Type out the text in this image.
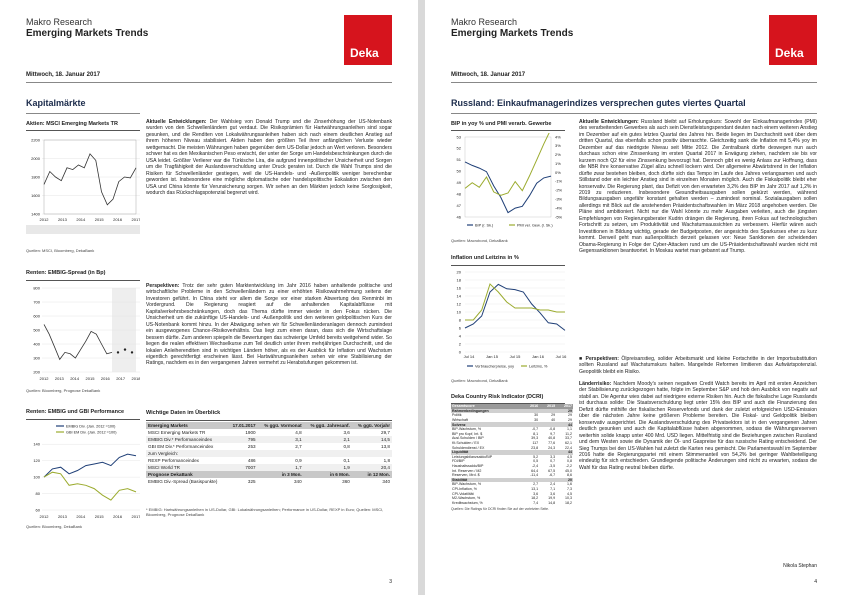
Makro Research
Emerging Markets Trends
Deka
Mittwoch, 18. Januar 2017
Kapitalmärkte
Aktien: MSCI Emerging Markets TR
1400
1600
1800
2000
2200
2012 2013 2014 2015 2016 2017
Quellen: MSCI, Bloomberg, DekaBank
Renten: EMBIG-Spread (in Bp)
200
300
400
500
600
700
800
2012 2013 2014 2015 2016 2017 2018
Quellen: Bloomberg, Prognose DekaBank
Renten: EMBIG und GBI Performance
60
80
100
120
140
EMBIG Div. (Jan. 2012 =100)
GBI EM Div. (Jan. 2012 =100)
2012 2013 2014 2015 2016 2017
Quellen: Bloomberg, DekaBank

Aktuelle Entwicklungen: Der Wahlsieg von Donald Trump und die Zinserhöhung der US-Notenbank wurden von den Schwellenländern gut verdaut. Die Risikoprämien für Hartwährungsanleihen sind sogar gesunken, und die Renditen von Lokalwährungsanleihen haben sich nach einem deutlichen Anstieg auf ihrem höheren Niveau stabilisiert. Aktien haben den größten Teil ihrer anfänglichen Verluste wieder wettgemacht. Die meisten Währungen haben gegenüber dem US-Dollar jedoch an Wert verloren. Besonders schwer hat es den Mexikanischen Peso erwischt, der unter der Sorge um Handelsbeschränkungen durch die USA leidet. Größter Verlierer war die Türkische Lira, die aufgrund innenpolitischer Unsicherheit und Sorgen um die Tragfähigkeit der Auslandsverschuldung unter Druck geraten ist. Durch die Wahl Trumps sind die Risiken für Schwellenländer gestiegen, weil die US-Handels- und -Außenpolitik weniger berechenbar geworden ist. Insbesondere eine mögliche diplomatische oder handelspolitische Eskalation zwischen den USA und China könnte für Verunsicherung sorgen. Wir sehen an den Märkten jedoch keine Sorglosigkeit, wodurch das Rückschlagspotenzial begrenzt wird.

Perspektiven: Trotz der sehr guten Marktentwicklung im Jahr 2016 haben anhaltende politische und wirtschaftliche Probleme in den Schwellenländern zu einer erhöhten Risikowahrnehmung seitens der Investoren geführt. In China steht vor allem die Sorge vor einer starken Abwertung des Renminbi im Vordergrund. Die Regierung reagiert auf die anhaltenden Kapitalabflüsse mit Kapitalverkehrsbeschränkungen, doch das Thema dürfte immer wieder in den Fokus rücken. Die Unsicherheit um die zukünftige US-Handels- und -Außenpolitik und den weiteren geldpolitischen Kurs der US-Notenbank kommt hinzu. In der Abwägung sehen wir für Schwellenländeranlagen dennoch zumindest ein ausgewogenes Chance-/Risikoverhältnis. Das liegt zum einen daran, dass sich die Wirtschaftslage bessern dürfte. Zum anderen spiegeln die Bewertungen das schwierige Umfeld bereits weitgehend wider. So liegen die realen effektiven Wechselkurse zum Teil deutlich unter ihrem mehrjährigen Durchschnitt, und die lokalen Anleiherenditen sind in wichtigen Ländern höher, als es der Ausblick für Inflation und Wachstum eigentlich gerechtfertigt erscheinen lässt. Bei Hartwährungsanleihen sehen wir eine Stabilisierung der Ratings, nachdem es in den vergangenen Jahren vermehrt zu Herabstufungen gekommen ist.

Wichtige Daten im Überblick
Emerging Markets	17.01.2017	% ggü. Vormonat	% ggü. Jahresanf.	% ggü. Vorjahr
MSCI Emerging Markets TR	1900	4,8	3,6	29,7
EMBIG Div.* Performanceindex	795	3,1	2,1	14,5
GBI EM Div.* Performanceindex	253	2,7	0,8	13,8
zum Vergleich:				
REXP Performanceindex	486	0,9	0,1	1,8
MSCI World TR	7007	1,7	1,9	20,4
Prognose DekaBank		in 3 Mon.	in 6 Mon.	in 12 Mon.
EMBIG Div.-Spread (Basispunkte)	325	340	360	340
* EMBIG: Hartwährungsanleihen in US-Dollar, GBI: Lokalwährungsanleihen; Performance in US-Dollar, REXP in Euro; Quellen: MSCI, Bloomberg, Prognose DekaBank
3
Makro Research
Emerging Markets Trends
Deka
Mittwoch, 18. Januar 2017
Russland: Einkaufmanagerindizes versprechen gutes viertes Quartal
BIP in yoy % und PMI verarb. Gewerbe
46
47
48
49
50
51
52
53	4%
3%
2%
1%
0%
-1%
-2%
-3%
-4%
-5%
BIP (r. Sk.)	PMI ver. Gew. (l. Sk.)
Quellen: Macrobond, DekaBank
Inflation und Leitzins in %
0
2
4
6
8
10
12
14
16
18
20
Jul 14	Jan 15	Jul 15	Jan 16	Jul 16
Verbraucherpreise, yoy	Leitzins, %
Quellen: Macrobond, DekaBank
Deka Country Risk Indicator (DCRI)
Gesamtscore	2016	2015	2017
Rahmenbedingungen			29
Politik	30	29	29
Wirtschaft	30	40	29
Solvenz			44
BIP-Wachstum, %	-0,7	-0,8	1,1
BIP pro Kopf, Int. $	8,1	9,7	11,2
Ausl.Schulden / BIP	39,3	40,8	33,7
Kt.Schulden / EX	117	77,6	62,1
Schuldendienst / EX	23,8	24,3	22,4
Liquidität			44
Leistungsbilanzsaldo/BIP	5,2	3,3	4,5
FDI/BIP	0,5	0,7	0,8
Haushaltssaldo/BIP	-2,4	-3,5	-2,2
Int. Reserven / M2	64,4	67,5	45,0
Reserven, Mrd. $	-11,4	-6,7	8,6
Stabilität			20
BIP-Wachstum, %	2,7	2,4	1,6
CPI-Inflation, %	13,1	7,1	7,3
CPI-Volatilität	3,6	3,6	4,5
M2-Wachstum, %	18,2	19,9	10,3
Kreditwachstum, %	7,4	14,8	18,2
Quellen: Die Ratings für DCRI finden Sie auf der vorletzten Seite.

Aktuelle Entwicklungen: Russland bleibt auf Erholungskurs: Sowohl der Einkaufmanagerindex (PMI) des verarbeitenden Gewerbes als auch sein Dienstleistungspendant deuten nach einem weiteren Anstieg im Dezember auf ein gutes letztes Quartal des Jahres hin. Beide liegen im Durchschnitt weit über dem dritten Quartal, das ebenfalls schon positiv überraschte. Gleichzeitig sank die Inflation mit 5,4% yoy im Dezember auf das niedrigste Niveau seit Mitte 2012. Die Zentralbank dürfte deswegen nun auch durchaus schon eine Zinssenkung im ersten Quartal 2017 in Erwägung ziehen, nachdem sie bis vor kurzem noch Q2 für eine Zinssenkung bevorzugt hat. Dennoch gibt es wenig Anlass zur Hoffnung, dass die NBR ihre konservative Zügel allzu schnell lockern wird. Der allgemeine Abwärtstrend in der Inflation dürfte zwar bestehen bleiben, doch dürfte sich das Tempo im Laufe des Jahres verlangsamen und auch Stillstand oder ein leichter Anstieg sind in einzelnen Monaten möglich. Auch die Fiskalpolitik bleibt eher konservativ. Die Regierung plant, das Defizit von den erwarteten 3,2% des BIP im Jahr 2017 auf 1,2% in 2019 zu reduzieren. Insbesondere Gesundheitsausgaben sollen gekürzt werden, während Bildungsausgaben ungefähr konstant gehalten werden – zumindest nominal. Sozialausgaben sollen allerdings mit Blick auf die anstehenden Präsidentschaftswahlen im März 2018 angehoben werden. Die Pläne sind ambitioniert. Nicht nur die Wahl könnte zu mehr Ausgaben verleiten, auch die jüngsten Empfehlungen von Regierungsberater Kudrin drängen die Regierung, ihren Fokus auf technologischen Fortschritt zu setzen, um Produktivität und Wachstumsaussichten zu verbessern. Hierfür wären auch Investitionen in Bildung wichtig, gerade der Budgetposten, der angesichts des Sparkurses eher zu kurz kommt. Derweil geht man außenpolitisch derzeit gelassen vor: Neue Sanktionen der scheidenden Obama-Regierung in Folge der Cyber-Attacken rund um die US-Präsidentschaftswahl wurden nicht mit Gegensanktionen beantwortet. In Moskau wartet man gebannt auf Trump.

■ Perspektiven: Ölpreisanstieg, solider Arbeitsmarkt und kleine Fortschritte in der Importsubstitution sollten Russland auf Wachstumskurs halten. Mangelnde Reformen limitieren das Aufwärtspotenzial. Geopolitik bleibt ein Risiko.

Länderrisiko: Nachdem Moody's seinen negativen Credit Watch bereits im April mit ersten Anzeichen der Stabilisierung zurückgezogen hatte, folgte im September S&P und hob den Ausblick von negativ auf stabil an. Die Agentur wies dabei auf niedrigere externe Risiken hin. Auch die fiskalische Lage Russlands ist durchaus solide: Die Staatsverschuldung liegt unter 15% des BIP und auch die Finanzierung des Defizit dürfte mithilfe der fiskalischen Reservefonds und dank der zuletzt erfolgreichen USD-Emission über die nächsten Jahre keine größeren Probleme bereiten. Die Fiskal- und Geldpolitik bleiben konservativ ausgerichtet. Die Auslandsverschuldung des Privatsektors ist in den vergangenen Jahren deutlich gesunken und auch die Kapitalabflüsse haben abgenommen, sodass die Währungsreserven weiterhin solide knapp unter 400 Mrd. USD liegen. Mittelfristig sind die Beziehungen zwischen Russland und dem Westen sowie die Dynamik der Öl- und Gaspreise für das russische Rating entscheidend. Der Sieg Trumps bei den US-Wahlen hat zuletzt die Karten neu gemischt. Die Parlamentswahl im September 2016 hatte die Regierungspartei mit einem Stimmenanteil von 54,2% bei geringer Wahlbeteiligung eindeutig für sich entschieden. Grundlegende politische Änderungen sind nicht zu erwarten, sodass die Wahl für das Rating neutral bleiben dürfte.

Nikola Stephan
4
